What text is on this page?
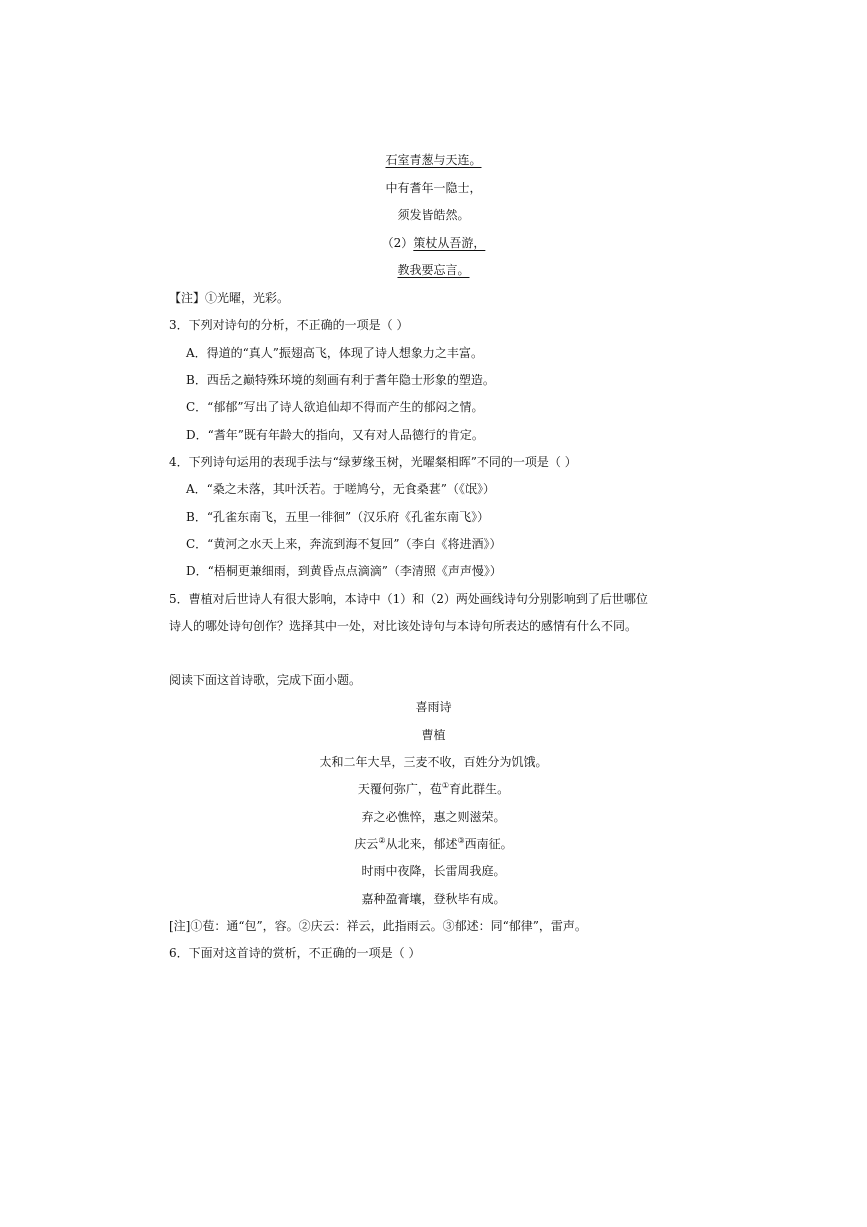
石室青葱与天连。
中有耆年一隐士，
须发皆皓然。
（2）策杖从吾游，
教我要忘言。
【注】①光曜，光彩。
3．下列对诗句的分析，不正确的一项是（ ）
A．得道的“真人”振翅高飞，体现了诗人想象力之丰富。
B．西岳之巅特殊环境的刻画有利于耆年隐士形象的塑造。
C．“郁郁”写出了诗人欲追仙却不得而产生的郁闷之情。
D．“耆年”既有年龄大的指向，又有对人品德行的肯定。
4．下列诗句运用的表现手法与“绿萝缘玉树，光曜粲相晖”不同的一项是（ ）
A．“桑之未落，其叶沃若。于嗟鸠兮，无食桑葚”（《氓》）
B．“孔雀东南飞，五里一徘徊”（汉乐府《孔雀东南飞》）
C．“黄河之水天上来，奔流到海不复回”（李白《将进酒》）
D．“梧桐更兼细雨，到黄昏点点滴滴”（李清照《声声慢》）
5．曹植对后世诗人有很大影响，本诗中（1）和（2）两处画线诗句分别影响到了后世哪位
诗人的哪处诗句创作？选择其中一处，对比该处诗句与本诗句所表达的感情有什么不同。
阅读下面这首诗歌，完成下面小题。
喜雨诗
曹植
太和二年大旱，三麦不收，百姓分为饥饿。
天覆何弥广，苞①育此群生。
弃之必憔悴，惠之则滋荣。
庆云②从北来，郁述③西南征。
时雨中夜降，长雷周我庭。
嘉种盈膏壤，登秋毕有成。
[注]①苞：通“包”，容。②庆云：祥云，此指雨云。③郁述：同“郁律”，雷声。
6．下面对这首诗的赏析，不正确的一项是（ ）
